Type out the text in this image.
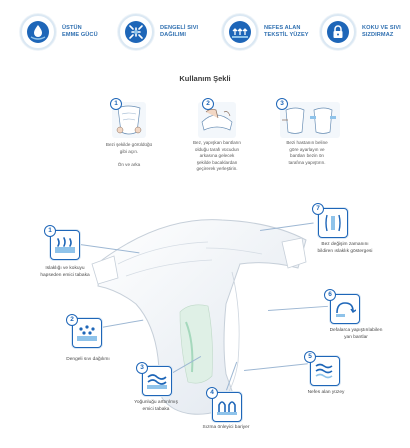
ÜSTÜN
EMME GÜCÜ
DENGELİ SIVI
DAĞILIMI
NEFES ALAN
TEKSTİL YÜZEY
KOKU VE SIVI
SIZDIRMAZ
Kullanım Şekli
1
Bezi şekilde görüldüğü
gibi açın.

Ön ve arka
2
Bez, yapışkan bantların
olduğu tarafı vücudun
arkasına gelecek
şekilde bacaklardan
geçirerek yerleştirin.
3
Bezi hastanın beline
göre ayarlayın ve
bantları bezin ön
tarafına yapıştırın.
1
Islaklığı ve kokuyu
hapseden emici tabaka
2
Dengeli sıvı dağılımı
3
Yoğunluğu arttırılmış
emici tabaka
4
Sızma önleyici bariyer
5
Nefes alan yüzey
6
Defalarca yapıştırılabilen
yan bantlar
7
Bez değişim zamanını
bildiren ıslaklık göstergesi
